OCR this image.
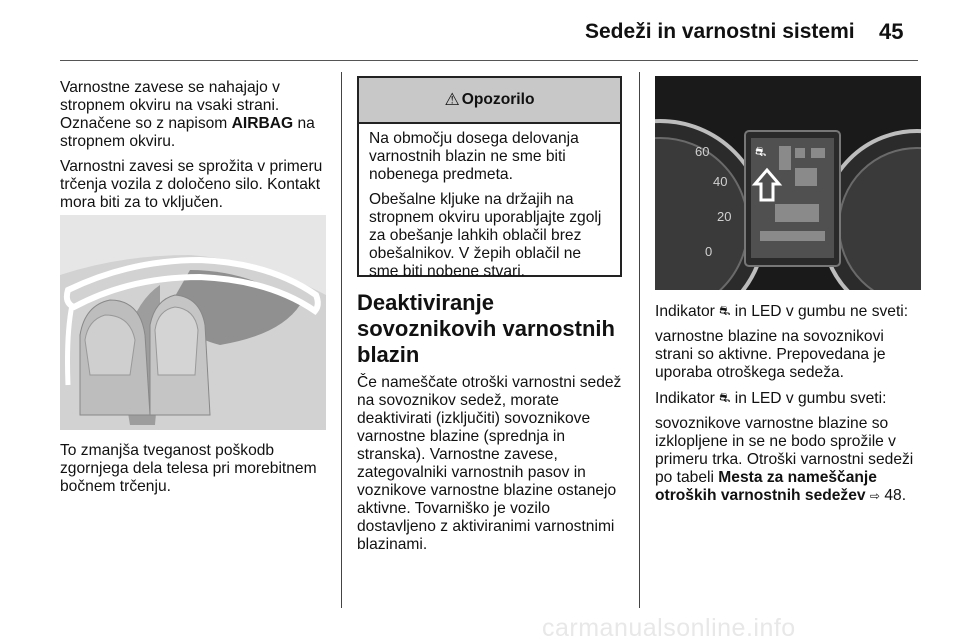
Sedeži in varnostni sistemi 45

Varnostne zavese se nahajajo v stropnem okviru na vsaki strani. Označene so z napisom AIRBAG na stropnem okviru.

Varnostni zavesi se sprožita v primeru trčenja vozila z določeno silo. Kontakt mora biti za to vključen.

To zmanjša tveganost poškodb zgornjega dela telesa pri morebitnem bočnem trčenju.

⚠ Opozorilo

Na območju dosega delovanja varnostnih blazin ne sme biti nobenega predmeta.

Obešalne kljuke na držajih na stropnem okviru uporabljajte zgolj za obešanje lahkih oblačil brez obešalnikov. V žepih oblačil ne sme biti nobene stvari.

Deaktiviranje sovoznikovih varnostnih blazin

Če nameščate otroški varnostni sedež na sovoznikov sedež, morate deaktivirati (izključiti) sovoznikove varnostne blazine (sprednja in stranska). Varnostne zavese, zategovalniki varnostnih pasov in voznikove varnostne blazine ostanejo aktivne. Tovarniško je vozilo dostavljeno z aktiviranimi varnostnimi blazinami.

60
40
20
0
⛐

Indikator ⛐ in LED v gumbu ne sveti:

varnostne blazine na sovoznikovi strani so aktivne. Prepovedana je uporaba otroškega sedeža.

Indikator ⛐ in LED v gumbu sveti:

sovoznikove varnostne blazine so izklopljene in se ne bodo sprožile v primeru trka. Otroški varnostni sedeži po tabeli Mesta za nameščanje otroških varnostnih sedežev ⇨ 48.

carmanualsonline.info
